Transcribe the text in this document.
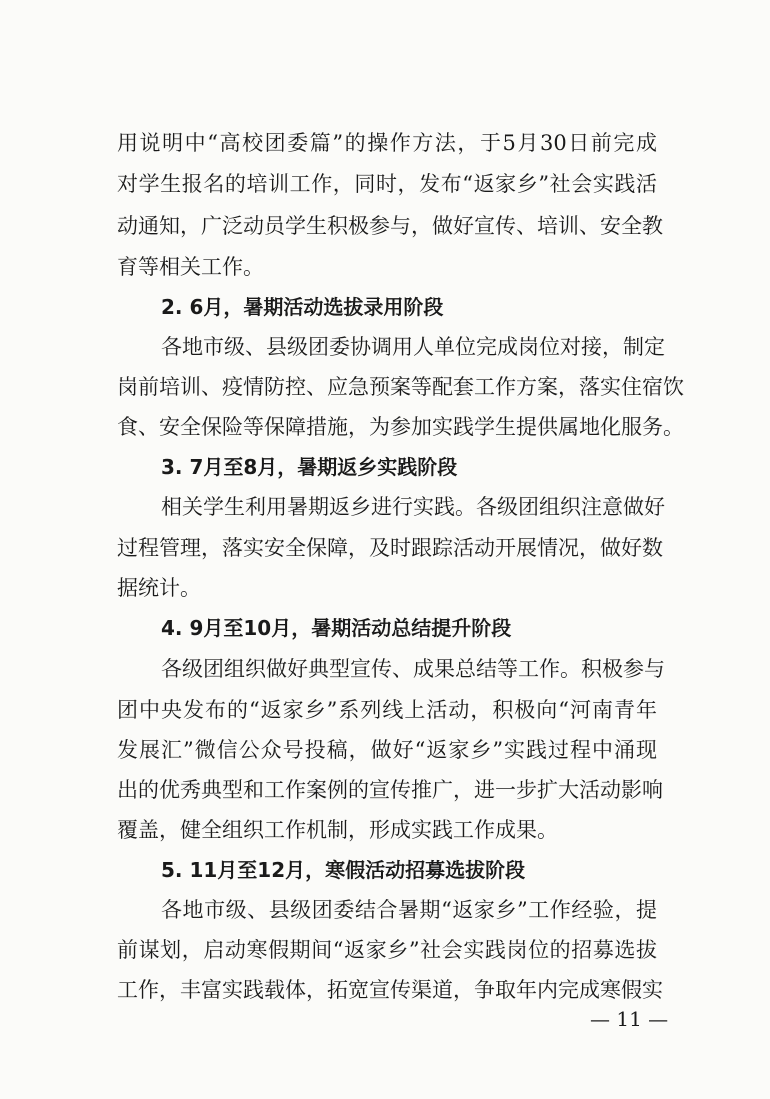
用说明中“高校团委篇”的操作方法，于5月30日前完成
对学生报名的培训工作，同时，发布“返家乡”社会实践活
动通知，广泛动员学生积极参与，做好宣传、培训、安全教
育等相关工作。
2. 6月，暑期活动选拔录用阶段
各地市级、县级团委协调用人单位完成岗位对接，制定
岗前培训、疫情防控、应急预案等配套工作方案，落实住宿饮
食、安全保险等保障措施，为参加实践学生提供属地化服务。
3. 7月至8月，暑期返乡实践阶段
相关学生利用暑期返乡进行实践。各级团组织注意做好
过程管理，落实安全保障，及时跟踪活动开展情况，做好数
据统计。
4. 9月至10月，暑期活动总结提升阶段
各级团组织做好典型宣传、成果总结等工作。积极参与
团中央发布的“返家乡”系列线上活动，积极向“河南青年
发展汇”微信公众号投稿，做好“返家乡”实践过程中涌现
出的优秀典型和工作案例的宣传推广，进一步扩大活动影响
覆盖，健全组织工作机制，形成实践工作成果。
5. 11月至12月，寒假活动招募选拔阶段
各地市级、县级团委结合暑期“返家乡”工作经验，提
前谋划，启动寒假期间“返家乡”社会实践岗位的招募选拔
工作，丰富实践载体，拓宽宣传渠道，争取年内完成寒假实
— 11 —
